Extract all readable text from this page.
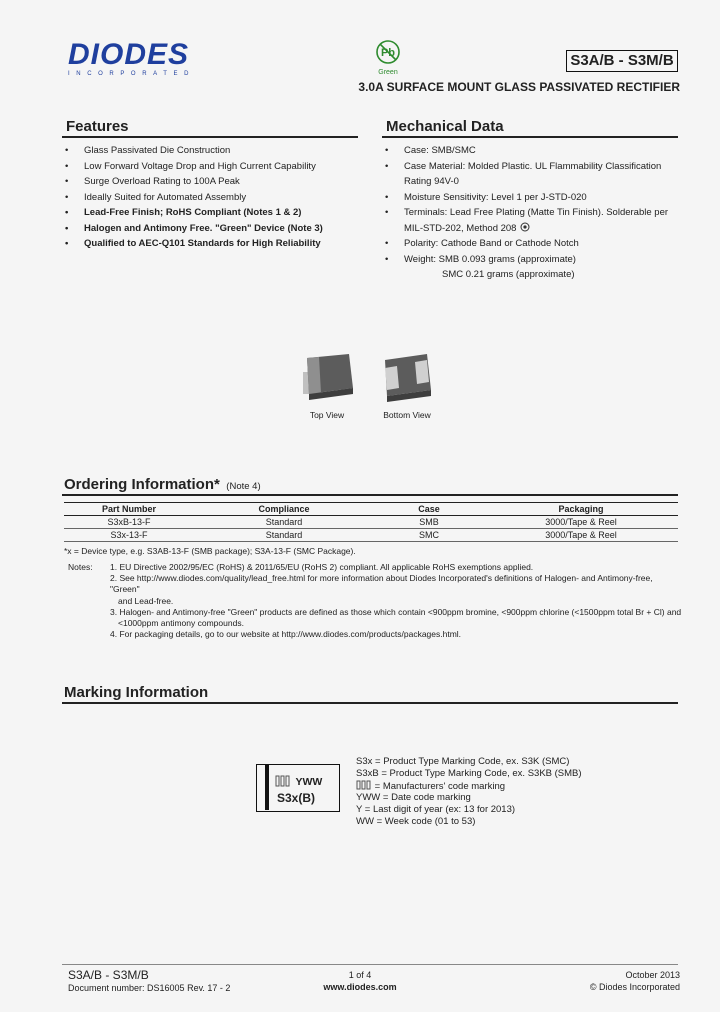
DIODES
INCORPORATED
Pb
Green
S3A/B - S3M/B
3.0A SURFACE MOUNT GLASS PASSIVATED RECTIFIER
Features
• Glass Passivated Die Construction
• Low Forward Voltage Drop and High Current Capability
• Surge Overload Rating to 100A Peak
• Ideally Suited for Automated Assembly
• Lead-Free Finish; RoHS Compliant (Notes 1 & 2)
• Halogen and Antimony Free. "Green" Device (Note 3)
• Qualified to AEC-Q101 Standards for High Reliability
Mechanical Data
• Case: SMB/SMC
• Case Material: Molded Plastic. UL Flammability Classification
Rating 94V-0
• Moisture Sensitivity: Level 1 per J-STD-020
• Terminals: Lead Free Plating (Matte Tin Finish). Solderable per
MIL-STD-202, Method 208
• Polarity: Cathode Band or Cathode Notch
• Weight: SMB 0.093 grams (approximate)
SMC 0.21 grams (approximate)
Top View	Bottom View
Ordering Information* (Note 4)
Part Number	Compliance	Case	Packaging
S3xB-13-F	Standard	SMB	3000/Tape & Reel
S3x-13-F	Standard	SMC	3000/Tape & Reel
*x = Device type, e.g. S3AB-13-F (SMB package); S3A-13-F (SMC Package).
Notes: 1. EU Directive 2002/95/EC (RoHS) & 2011/65/EU (RoHS 2) compliant. All applicable RoHS exemptions applied.
2. See http://www.diodes.com/quality/lead_free.html for more information about Diodes Incorporated's definitions of Halogen- and Antimony-free, "Green"
and Lead-free.
3. Halogen- and Antimony-free "Green" products are defined as those which contain <900ppm bromine, <900ppm chlorine (<1500ppm total Br + Cl) and
<1000ppm antimony compounds.
4. For packaging details, go to our website at http://www.diodes.com/products/packages.html.
Marking Information
YWW
S3x(B)
S3x = Product Type Marking Code, ex. S3K (SMC)
S3xB = Product Type Marking Code, ex. S3KB (SMB)
= Manufacturers' code marking
YWW = Date code marking
Y = Last digit of year (ex: 13 for 2013)
WW = Week code (01 to 53)
S3A/B - S3M/B
Document number: DS16005 Rev. 17 - 2
1 of 4
www.diodes.com
October 2013
© Diodes Incorporated
